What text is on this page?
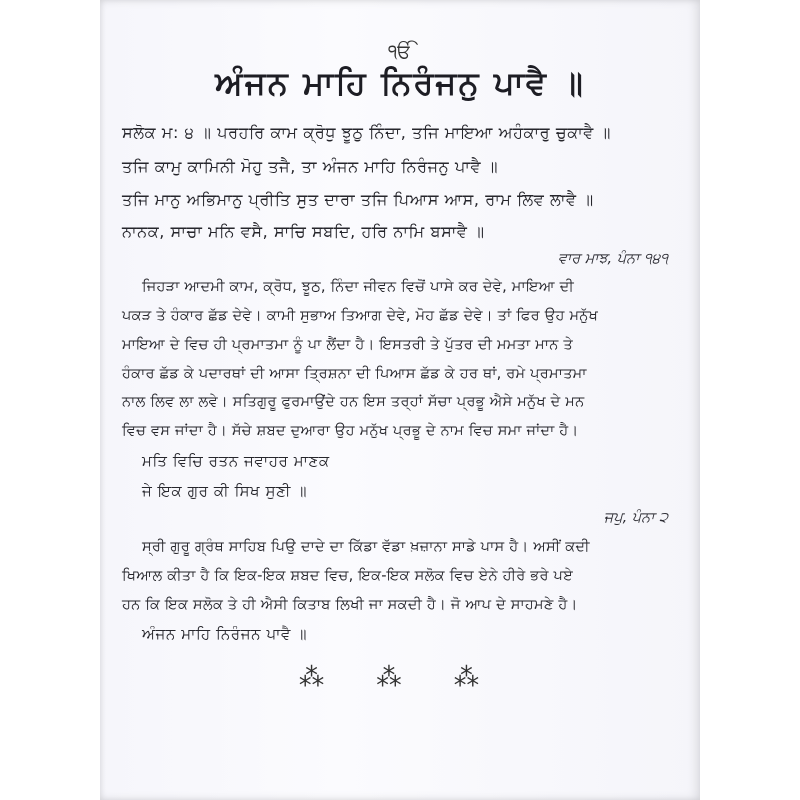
ੴ
ਅੰਜਨ ਮਾਹਿ ਨਿਰੰਜਨੁ ਪਾਵੈ ॥
ਸਲੋਕ ਮ: ੪ ॥ ਪਰਹਰਿ ਕਾਮ ਕ੍ਰੋਧੁ ਝੂਠੁ ਨਿੰਦਾ, ਤਜਿ ਮਾਇਆ ਅਹੰਕਾਰੁ ਚੁਕਾਵੈ ॥
ਤਜਿ ਕਾਮੁ ਕਾਮਿਨੀ ਮੋਹੁ ਤਜੈ, ਤਾ ਅੰਜਨ ਮਾਹਿ ਨਿਰੰਜਨੁ ਪਾਵੈ ॥
ਤਜਿ ਮਾਨੁ ਅਭਿਮਾਨੁ ਪ੍ਰੀਤਿ ਸੁਤ ਦਾਰਾ ਤਜਿ ਪਿਆਸ ਆਸ, ਰਾਮ ਲਿਵ ਲਾਵੈ ॥
ਨਾਨਕ, ਸਾਚਾ ਮਨਿ ਵਸੈ, ਸਾਚਿ ਸਬਦਿ, ਹਰਿ ਨਾਮਿ ਬਸਾਵੈ ॥
ਵਾਰ ਮਾਝ, ਪੰਨਾ ੧੪੧
ਜਿਹੜਾ ਆਦਮੀ ਕਾਮ, ਕ੍ਰੋਧ, ਝੂਠ, ਨਿੰਦਾ ਜੀਵਨ ਵਿਚੋਂ ਪਾਸੇ ਕਰ ਦੇਵੇ, ਮਾਇਆ ਦੀ
ਪਕੜ ਤੇ ਹੰਕਾਰ ਛੱਡ ਦੇਵੇ। ਕਾਮੀ ਸੁਭਾਅ ਤਿਆਗ ਦੇਵੇ, ਮੋਹ ਛੱਡ ਦੇਵੇ। ਤਾਂ ਫਿਰ ਉਹ ਮਨੁੱਖ
ਮਾਇਆ ਦੇ ਵਿਚ ਹੀ ਪ੍ਰਮਾਤਮਾ ਨੂੰ ਪਾ ਲੈਂਦਾ ਹੈ। ਇਸਤਰੀ ਤੇ ਪੁੱਤਰ ਦੀ ਮਮਤਾ ਮਾਨ ਤੇ
ਹੰਕਾਰ ਛੱਡ ਕੇ ਪਦਾਰਥਾਂ ਦੀ ਆਸਾ ਤ੍ਰਿਸ਼ਨਾ ਦੀ ਪਿਆਸ ਛੱਡ ਕੇ ਹਰ ਥਾਂ, ਰਮੇ ਪ੍ਰਮਾਤਮਾ
ਨਾਲ ਲਿਵ ਲਾ ਲਵੇ। ਸਤਿਗੁਰੂ ਫੁਰਮਾਉਂਦੇ ਹਨ ਇਸ ਤਰ੍ਹਾਂ ਸੱਚਾ ਪ੍ਰਭੂ ਐਸੇ ਮਨੁੱਖ ਦੇ ਮਨ
ਵਿਚ ਵਸ ਜਾਂਦਾ ਹੈ। ਸੱਚੇ ਸ਼ਬਦ ਦੁਆਰਾ ਉਹ ਮਨੁੱਖ ਪ੍ਰਭੂ ਦੇ ਨਾਮ ਵਿਚ ਸਮਾ ਜਾਂਦਾ ਹੈ।
ਮਤਿ ਵਿਚਿ ਰਤਨ ਜਵਾਹਰ ਮਾਣਕ
ਜੇ ਇਕ ਗੁਰ ਕੀ ਸਿਖ ਸੁਣੀ ॥
ਜਪੁ, ਪੰਨਾ ੨
ਸ੍ਰੀ ਗੁਰੂ ਗ੍ਰੰਥ ਸਾਹਿਬ ਪਿਉ ਦਾਦੇ ਦਾ ਕਿੱਡਾ ਵੱਡਾ ਖ਼ਜ਼ਾਨਾ ਸਾਡੇ ਪਾਸ ਹੈ। ਅਸੀਂ ਕਦੀ
ਖਿਆਲ ਕੀਤਾ ਹੈ ਕਿ ਇਕ-ਇਕ ਸ਼ਬਦ ਵਿਚ, ਇਕ-ਇਕ ਸਲੋਕ ਵਿਚ ਏਨੇ ਹੀਰੇ ਭਰੇ ਪਏ
ਹਨ ਕਿ ਇਕ ਸਲੋਕ ਤੇ ਹੀ ਐਸੀ ਕਿਤਾਬ ਲਿਖੀ ਜਾ ਸਕਦੀ ਹੈ। ਜੋ ਆਪ ਦੇ ਸਾਹਮਣੇ ਹੈ।
ਅੰਜਨ ਮਾਹਿ ਨਿਰੰਜਨ ਪਾਵੈ ॥
⁂ ⁂ ⁂
